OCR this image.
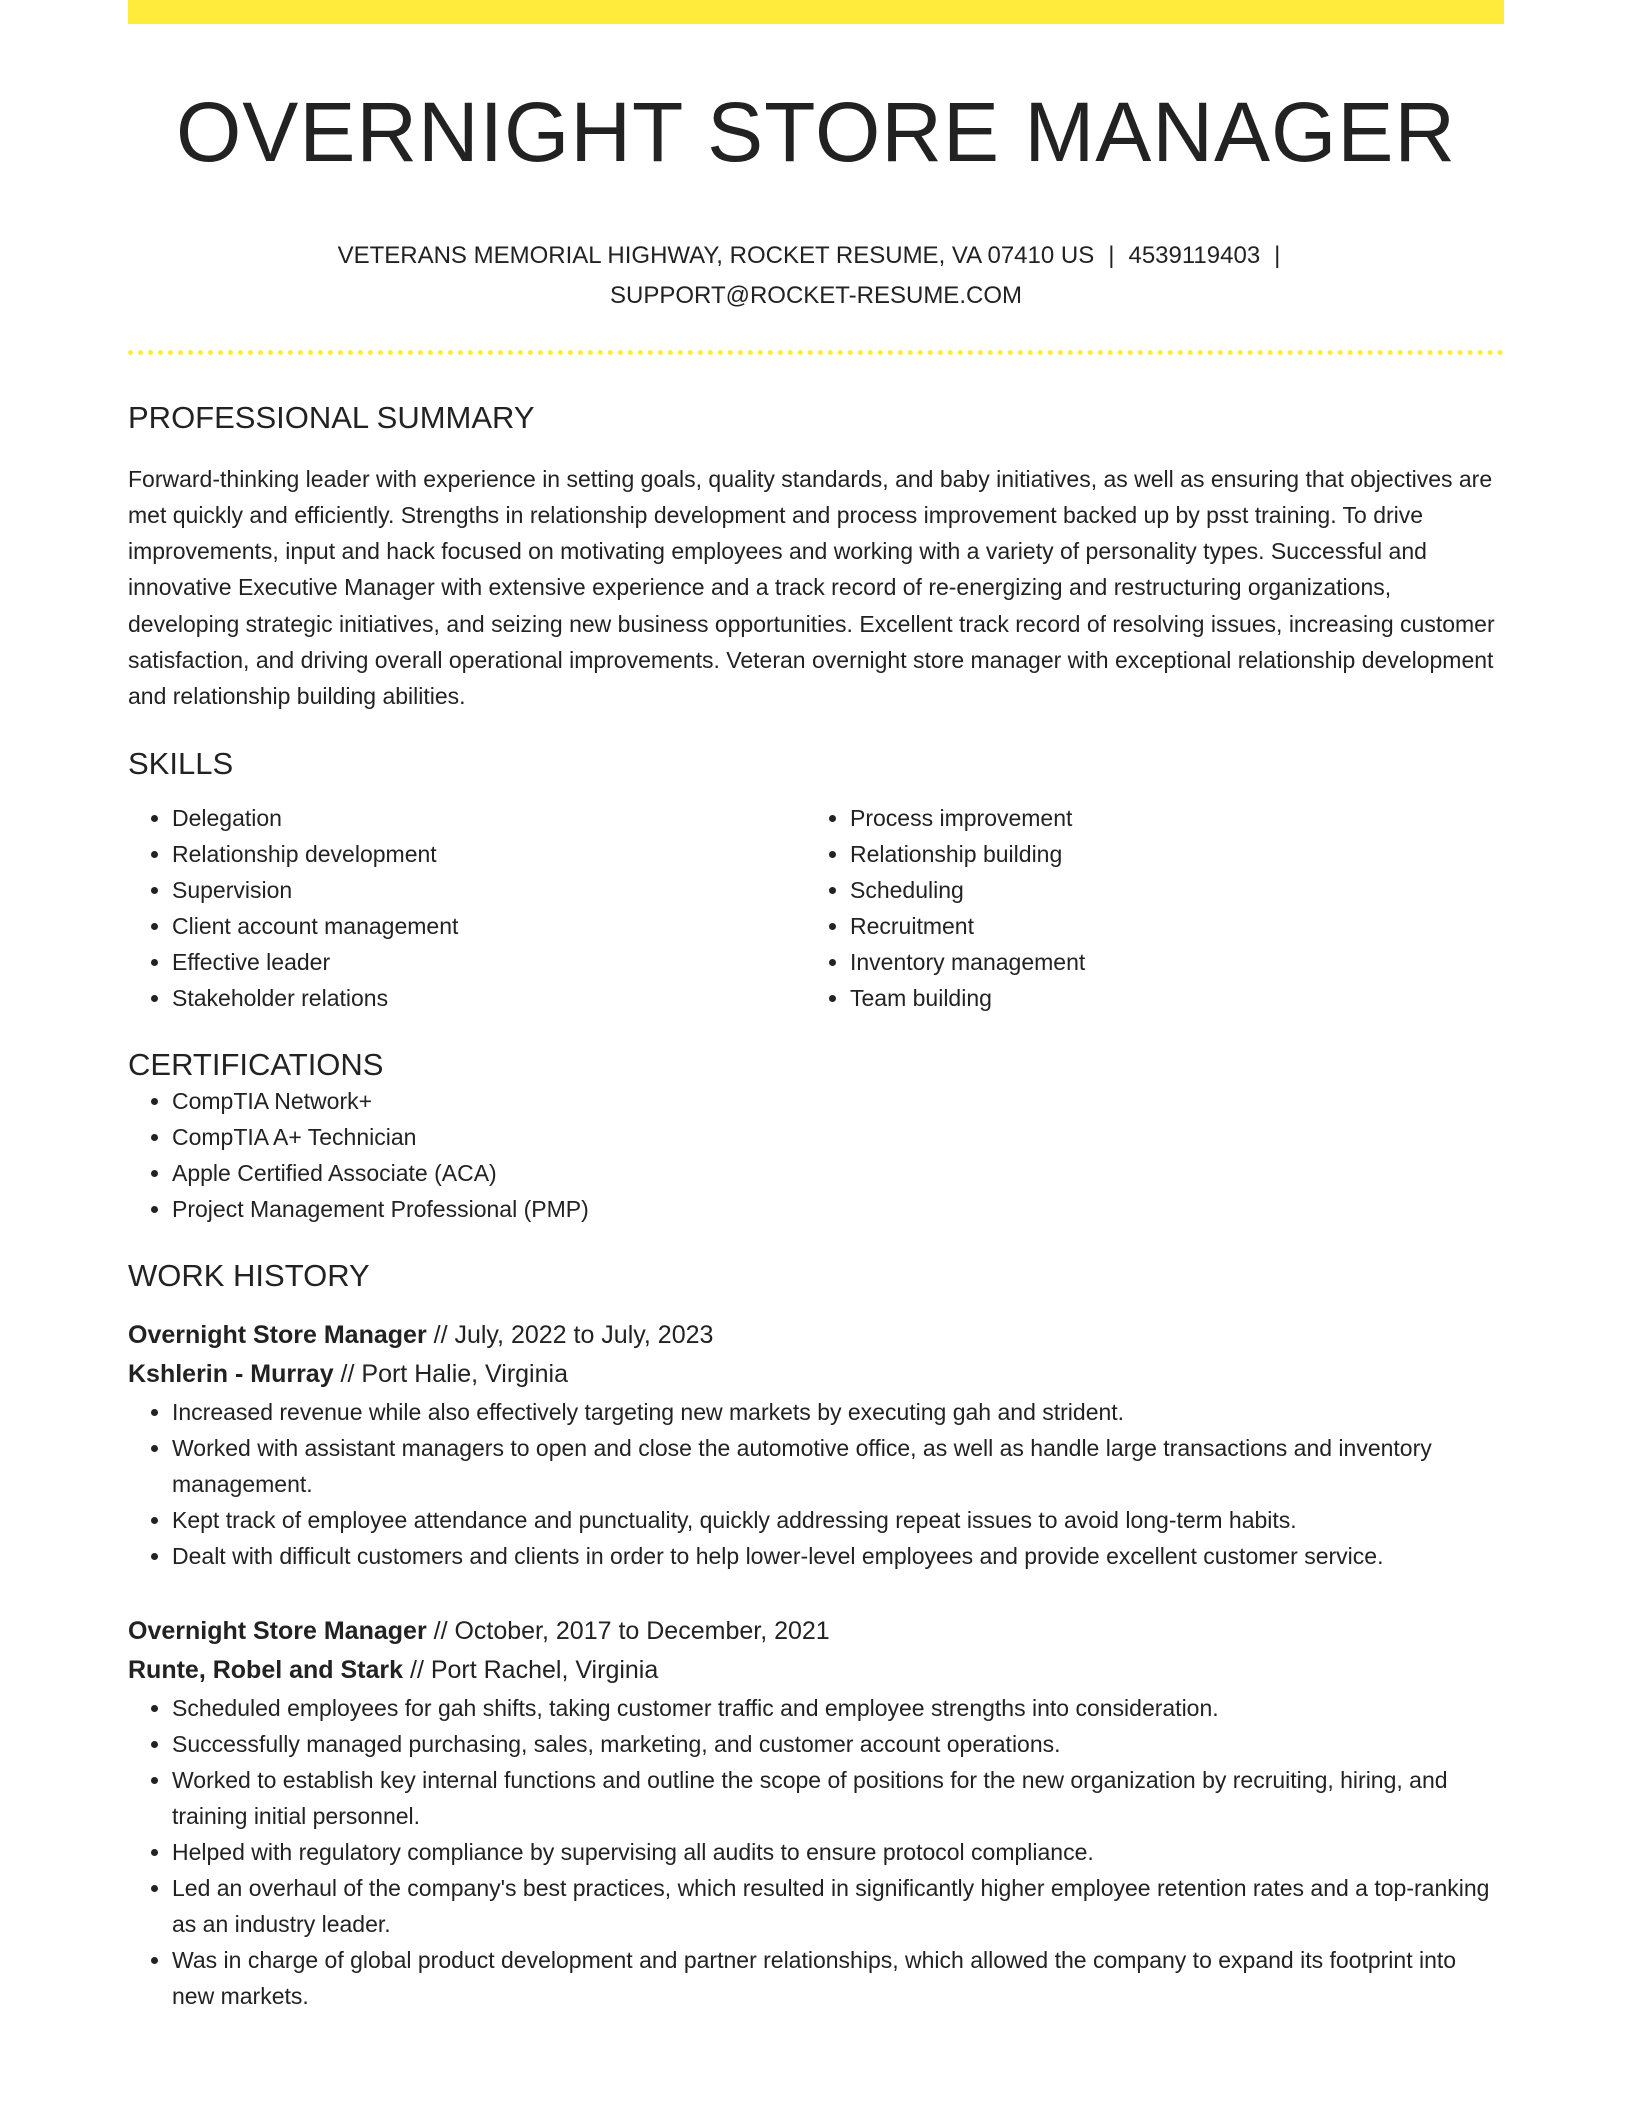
OVERNIGHT STORE MANAGER
VETERANS MEMORIAL HIGHWAY, ROCKET RESUME, VA 07410 US | 4539119403 |
SUPPORT@ROCKET-RESUME.COM
PROFESSIONAL SUMMARY

Forward-thinking leader with experience in setting goals, quality standards, and baby initiatives, as well as ensuring that objectives are met quickly and efficiently. Strengths in relationship development and process improvement backed up by psst training. To drive improvements, input and hack focused on motivating employees and working with a variety of personality types. Successful and innovative Executive Manager with extensive experience and a track record of re-energizing and restructuring organizations, developing strategic initiatives, and seizing new business opportunities. Excellent track record of resolving issues, increasing customer satisfaction, and driving overall operational improvements. Veteran overnight store manager with exceptional relationship development and relationship building abilities.

SKILLS
• Delegation
• Relationship development
• Supervision
• Client account management
• Effective leader
• Stakeholder relations
• Process improvement
• Relationship building
• Scheduling
• Recruitment
• Inventory management
• Team building
CERTIFICATIONS
• CompTIA Network+
• CompTIA A+ Technician
• Apple Certified Associate (ACA)
• Project Management Professional (PMP)
WORK HISTORY
Overnight Store Manager // July, 2022 to July, 2023
Kshlerin - Murray // Port Halie, Virginia
• Increased revenue while also effectively targeting new markets by executing gah and strident.
• Worked with assistant managers to open and close the automotive office, as well as handle large transactions and inventory management.
• Kept track of employee attendance and punctuality, quickly addressing repeat issues to avoid long-term habits.
• Dealt with difficult customers and clients in order to help lower-level employees and provide excellent customer service.
Overnight Store Manager // October, 2017 to December, 2021
Runte, Robel and Stark // Port Rachel, Virginia
• Scheduled employees for gah shifts, taking customer traffic and employee strengths into consideration.
• Successfully managed purchasing, sales, marketing, and customer account operations.
• Worked to establish key internal functions and outline the scope of positions for the new organization by recruiting, hiring, and training initial personnel.
• Helped with regulatory compliance by supervising all audits to ensure protocol compliance.
• Led an overhaul of the company's best practices, which resulted in significantly higher employee retention rates and a top-ranking as an industry leader.
• Was in charge of global product development and partner relationships, which allowed the company to expand its footprint into new markets.
